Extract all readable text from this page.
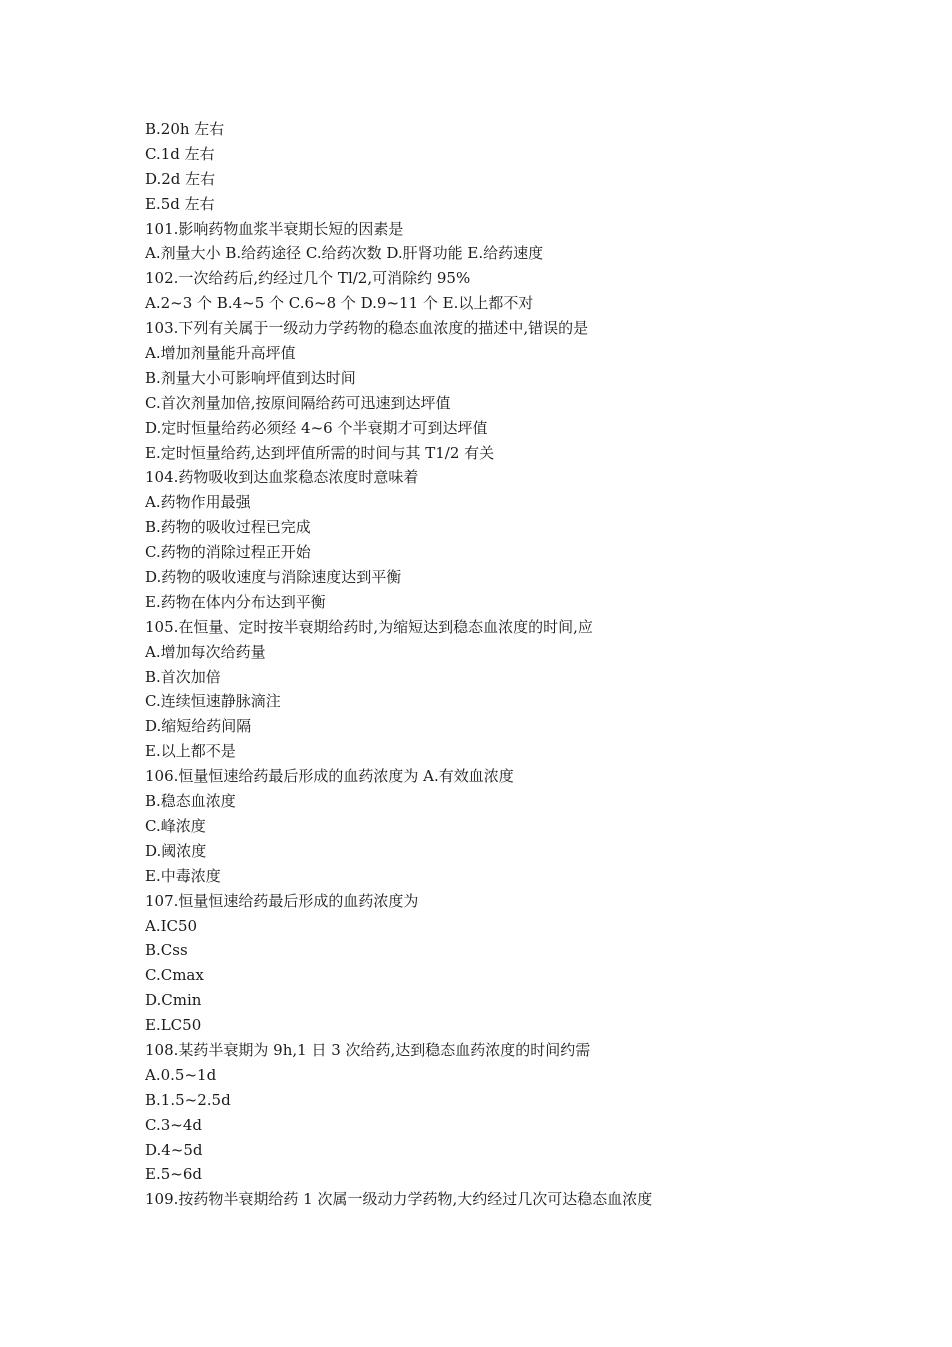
B.20h 左右
C.1d 左右
D.2d 左右
E.5d 左右
101.影响药物血浆半衰期长短的因素是
A.剂量大小 B.给药途径 C.给药次数 D.肝肾功能 E.给药速度
102.一次给药后,约经过几个 Tl/2,可消除约 95%
A.2~3 个 B.4~5 个 C.6~8 个 D.9~11 个 E.以上都不对
103.下列有关属于一级动力学药物的稳态血浓度的描述中,错误的是
A.增加剂量能升高坪值
B.剂量大小可影响坪值到达时间
C.首次剂量加倍,按原间隔给药可迅速到达坪值
D.定时恒量给药必须经 4~6 个半衰期才可到达坪值
E.定时恒量给药,达到坪值所需的时间与其 T1/2 有关
104.药物吸收到达血浆稳态浓度时意味着
A.药物作用最强
B.药物的吸收过程已完成
C.药物的消除过程正开始
D.药物的吸收速度与消除速度达到平衡
E.药物在体内分布达到平衡
105.在恒量、定时按半衰期给药时,为缩短达到稳态血浓度的时间,应
A.增加每次给药量
B.首次加倍
C.连续恒速静脉滴注
D.缩短给药间隔
E.以上都不是
106.恒量恒速给药最后形成的血药浓度为 A.有效血浓度
B.稳态血浓度
C.峰浓度
D.阈浓度
E.中毒浓度
107.恒量恒速给药最后形成的血药浓度为
A.IC50
B.Css
C.Cmax
D.Cmin
E.LC50
108.某药半衰期为 9h,1 日 3 次给药,达到稳态血药浓度的时间约需
A.0.5~1d
B.1.5~2.5d
C.3~4d
D.4~5d
E.5~6d
109.按药物半衰期给药 1 次属一级动力学药物,大约经过几次可达稳态血浓度
